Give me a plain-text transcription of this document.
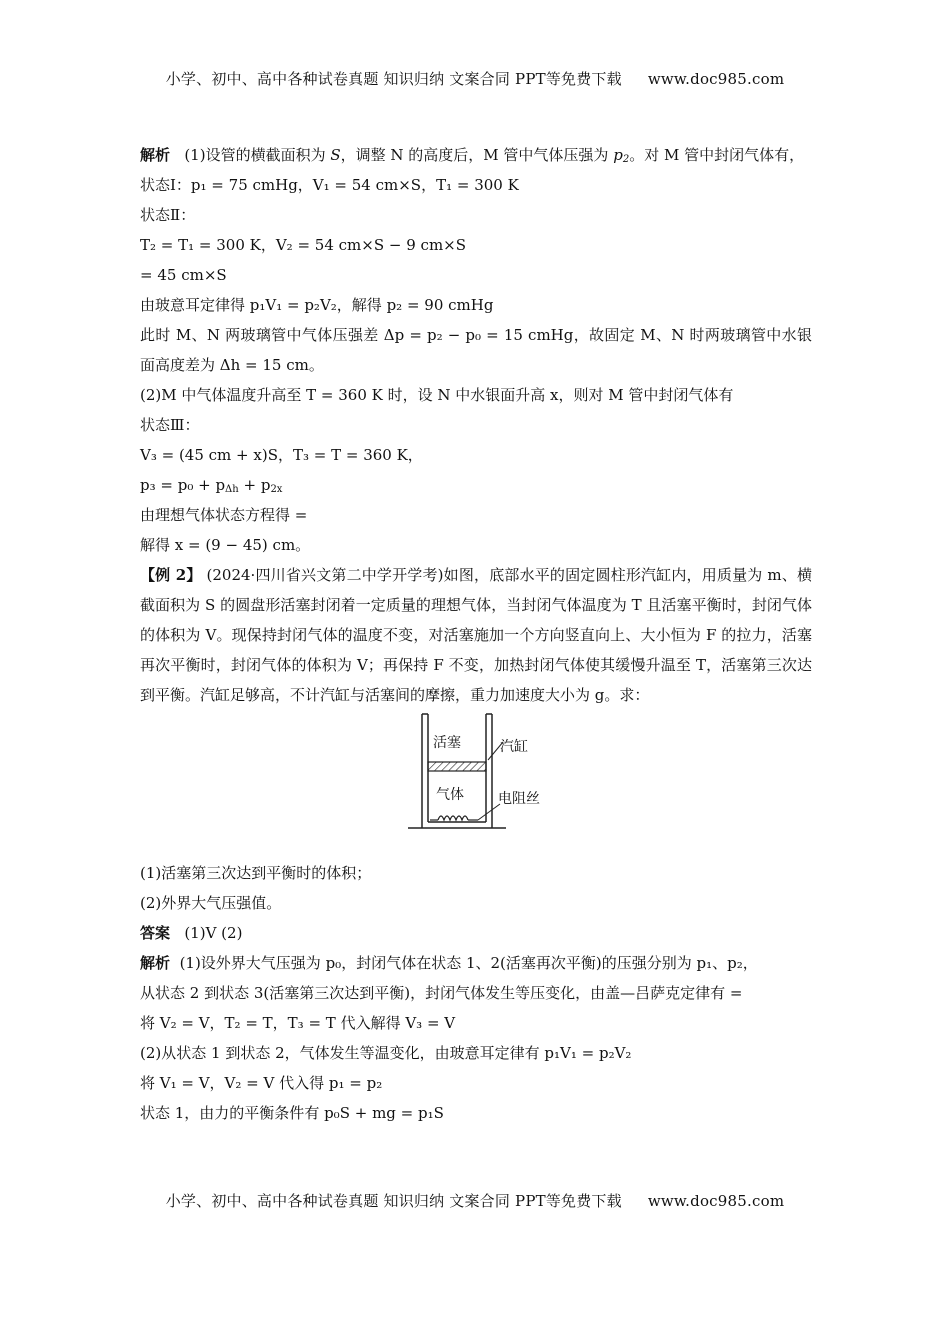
小学、初中、高中各种试卷真题 知识归纳 文案合同 PPT等免费下载 www.doc985.com
解析 (1)设管的横截面积为 S，调整 N 的高度后，M 管中气体压强为 $p_2$。对 M 管中封闭气体有，
状态Ⅰ：p₁ = 75 cmHg，V₁ = 54 cm×S，T₁ = 300 K
状态Ⅱ：
T₂ = T₁ = 300 K，V₂ = 54 cm×S − 9 cm×S
= 45 cm×S
由玻意耳定律得 p₁V₁ = p₂V₂，解得 p₂ = 90 cmHg
此时 M、N 两玻璃管中气体压强差 Δp = p₂ − p₀ = 15 cmHg，故固定 M、N 时两玻璃管中水银面高度差为 Δh = 15 cm。
(2)M 中气体温度升高至 T = 360 K 时，设 N 中水银面升高 x，则对 M 管中封闭气体有
状态Ⅲ：
V₃ = (45 cm + x)S，T₃ = T = 360 K，
$p_3 = p_0 + p_{\Delta h} + p_{2x}$
由理想气体状态方程得 =
解得 x = (9 − 45) cm。
【例 2】 (2024·四川省兴文第二中学开学考)如图，底部水平的固定圆柱形汽缸内，用质量为 m、横截面积为 S 的圆盘形活塞封闭着一定质量的理想气体，当封闭气体温度为 T 且活塞平衡时，封闭气体的体积为 V。现保持封闭气体的温度不变，对活塞施加一个方向竖直向上、大小恒为 F 的拉力，活塞再次平衡时，封闭气体的体积为 V；再保持 F 不变，加热封闭气体使其缓慢升温至 T，活塞第三次达到平衡。汽缸足够高，不计汽缸与活塞间的摩擦，重力加速度大小为 g。求：
活塞	汽缸
气体 电阻丝
(1)活塞第三次达到平衡时的体积；
(2)外界大气压强值。
答案 (1)V (2)
解析 (1)设外界大气压强为 p₀，封闭气体在状态 1、2(活塞再次平衡)的压强分别为 p₁、p₂，
从状态 2 到状态 3(活塞第三次达到平衡)，封闭气体发生等压变化，由盖—吕萨克定律有 =
将 V₂ = V，T₂ = T，T₃ = T 代入解得 V₃ = V
(2)从状态 1 到状态 2，气体发生等温变化，由玻意耳定律有 p₁V₁ = p₂V₂
将 V₁ = V，V₂ = V 代入得 p₁ = p₂
状态 1，由力的平衡条件有 p₀S + mg = p₁S
小学、初中、高中各种试卷真题 知识归纳 文案合同 PPT等免费下载 www.doc985.com
